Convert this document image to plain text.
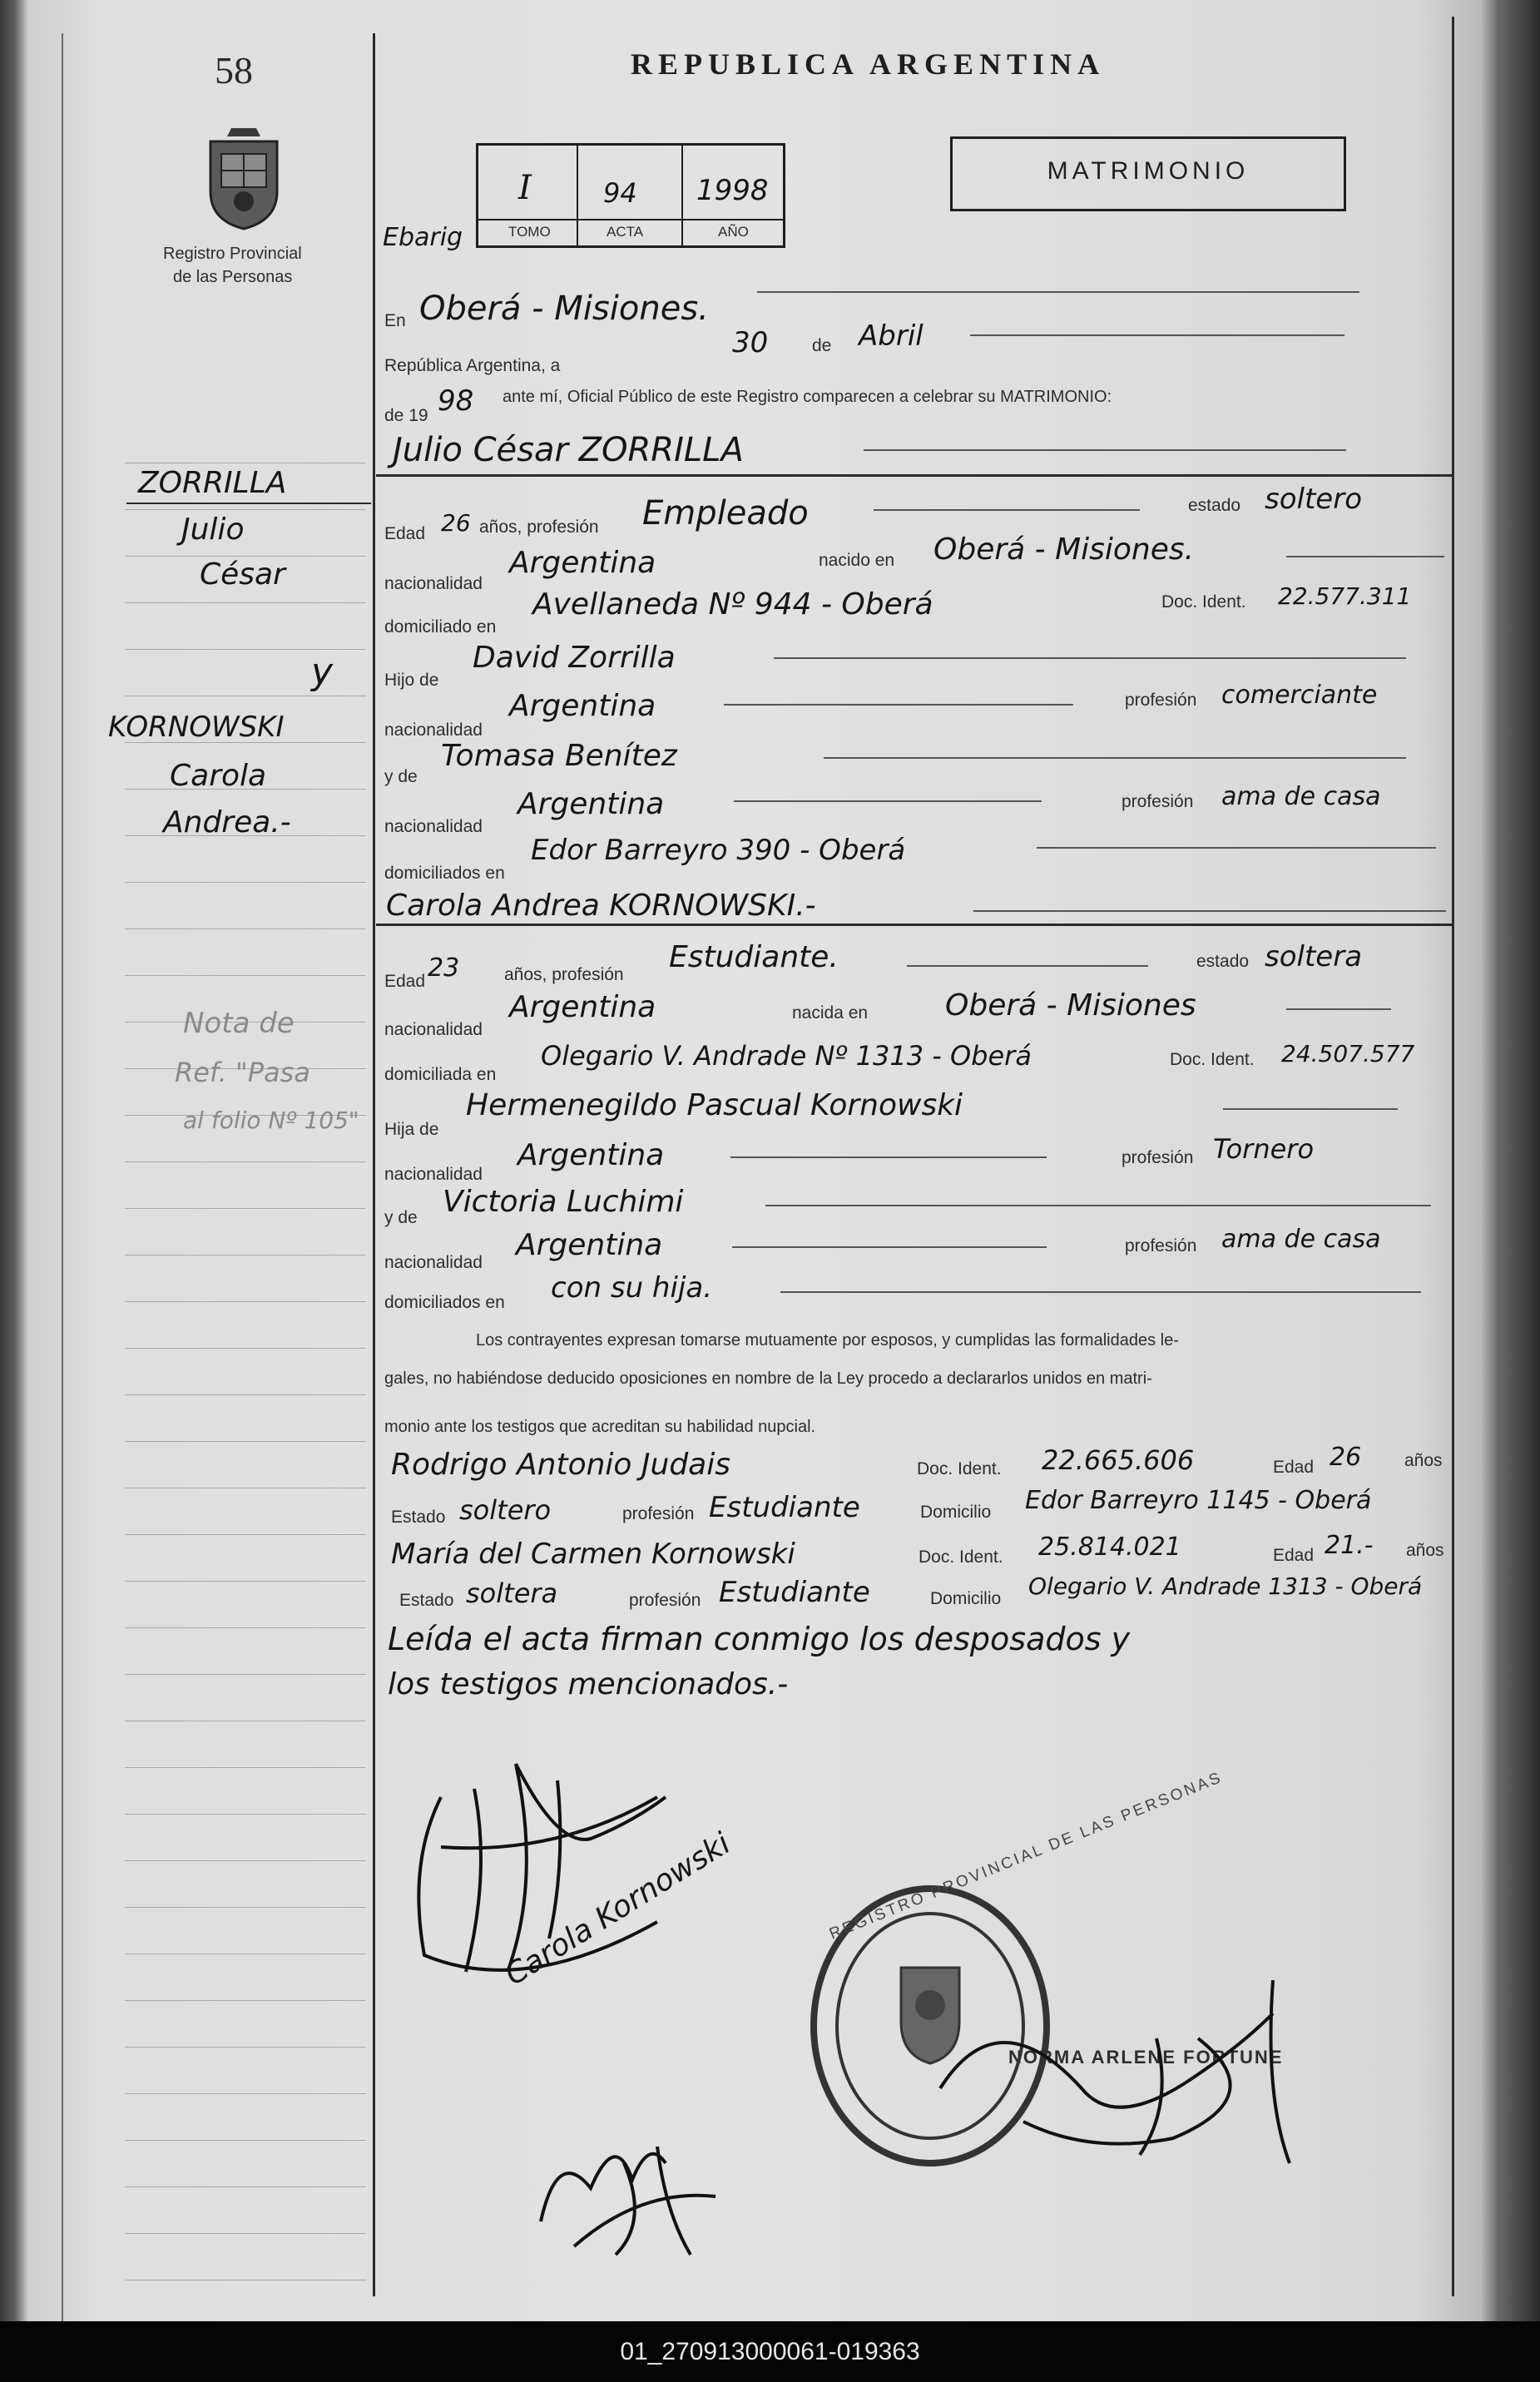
58	REPUBLICA ARGENTINA
Registro Provincial
de las Personas
I	94 1998
TOMO	ACTA	AÑO
Ebarig
MATRIMONIO
En Oberá - Misiones.
República Argentina, a
30	de Abril
de 19 98 ante mí, Oficial Público de este Registro comparecen a celebrar su MATRIMONIO:
Julio César ZORRILLA
Edad 26 años, profesión Empleado	estado soltero
nacionalidad
Argentina	nacido en Oberá - Misiones.
domiciliado en
Avellaneda Nº 944 - Oberá	Doc. Ident. 22.577.311
Hijo de
David Zorrilla
nacionalidad
Argentina	profesión comerciante
y de
Tomasa Benítez
nacionalidad
Argentina	profesión ama de casa
domiciliados en
Edor Barreyro 390 - Oberá
Carola Andrea KORNOWSKI.-
Edad 23	años, profesión
Estudiante.	estado soltera
nacionalidad
Argentina	nacida en	Oberá - Misiones
domiciliada en
Olegario V. Andrade Nº 1313 - Oberá	Doc. Ident. 24.507.577
Hija de
Hermenegildo Pascual Kornowski
nacionalidad
Argentina	profesión Tornero
y de Victoria Luchimi
nacionalidad
Argentina	profesión ama de casa
domiciliados en con su hija.
Los contrayentes expresan tomarse mutuamente por esposos, y cumplidas las formalidades le-
gales, no habiéndose deducido oposiciones en nombre de la Ley procedo a declararlos unidos en matri-
monio ante los testigos que acreditan su habilidad nupcial.
Rodrigo Antonio Judais	Doc. Ident. 22.665.606	Edad 26 años
Estado soltero	profesión Estudiante	Domicilio Edor Barreyro 1145 - Oberá
María del Carmen Kornowski	Doc. Ident. 25.814.021	Edad 21.- años
Estado soltera	profesión Estudiante	Domicilio Olegario V. Andrade 1313 - Oberá
Leída el acta firman conmigo los desposados y
los testigos mencionados.-
ZORRILLA
Julio
César
y
KORNOWSKI
Carola
Andrea.-
Nota de
Ref. "Pasa
al folio Nº 105"
Carola Kornowski	REGISTRO PROVINCIAL DE LAS PERSONAS
NORMA ARLENE FORTUNE
01_270913000061-019363
